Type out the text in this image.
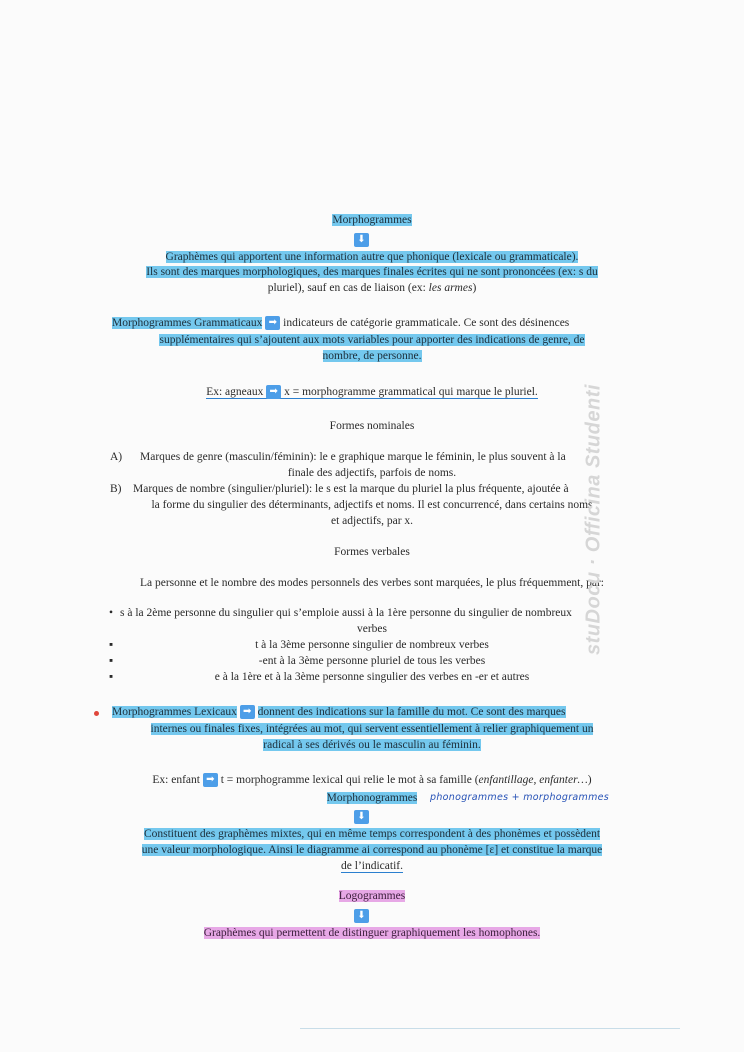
Morphogrammes
⬇
Graphèmes qui apportent une information autre que phonique (lexicale ou grammaticale).
Ils sont des marques morphologiques, des marques finales écrites qui ne sont prononcées (ex: s du
pluriel), sauf en cas de liaison (ex: les armes)
Morphogrammes Grammaticaux ➡ indicateurs de catégorie grammaticale. Ce sont des désinences
supplémentaires qui s’ajoutent aux mots variables pour apporter des indications de genre, de
nombre, de personne.
Ex: agneaux ➡ x = morphogramme grammatical qui marque le pluriel.
Formes nominales
A) Marques de genre (masculin/féminin): le e graphique marque le féminin, le plus souvent à la
finale des adjectifs, parfois de noms.
B) Marques de nombre (singulier/pluriel): le s est la marque du pluriel la plus fréquente, ajoutée à
la forme du singulier des déterminants, adjectifs et noms. Il est concurrencé, dans certains noms
et adjectifs, par x.
Formes verbales
La personne et le nombre des modes personnels des verbes sont marquées, le plus fréquemment, par:
• s à la 2ème personne du singulier qui s’emploie aussi à la 1ère personne du singulier de nombreux
verbes
▪	t à la 3ème personne singulier de nombreux verbes
▪	-ent à la 3ème personne pluriel de tous les verbes
▪	e à la 1ère et à la 3ème personne singulier des verbes en -er et autres
Morphogrammes Lexicaux ➡ donnent des indications sur la famille du mot. Ce sont des marques
internes ou finales fixes, intégrées au mot, qui servent essentiellement à relier graphiquement un
radical à ses dérivés ou le masculin au féminin.
Ex: enfant ➡ t = morphogramme lexical qui relie le mot à sa famille (enfantillage, enfanter…)
Morphonogrammes	phonogrammes + morphogrammes
⬇
Constituent des graphèmes mixtes, qui en même temps correspondent à des phonèmes et possèdent
une valeur morphologique. Ainsi le diagramme ai correspond au phonème [ɛ] et constitue la marque
de l’indicatif.
Logogrammes
⬇
Graphèmes qui permettent de distinguer graphiquement les homophones.
stuDocu · Officina Studenti
